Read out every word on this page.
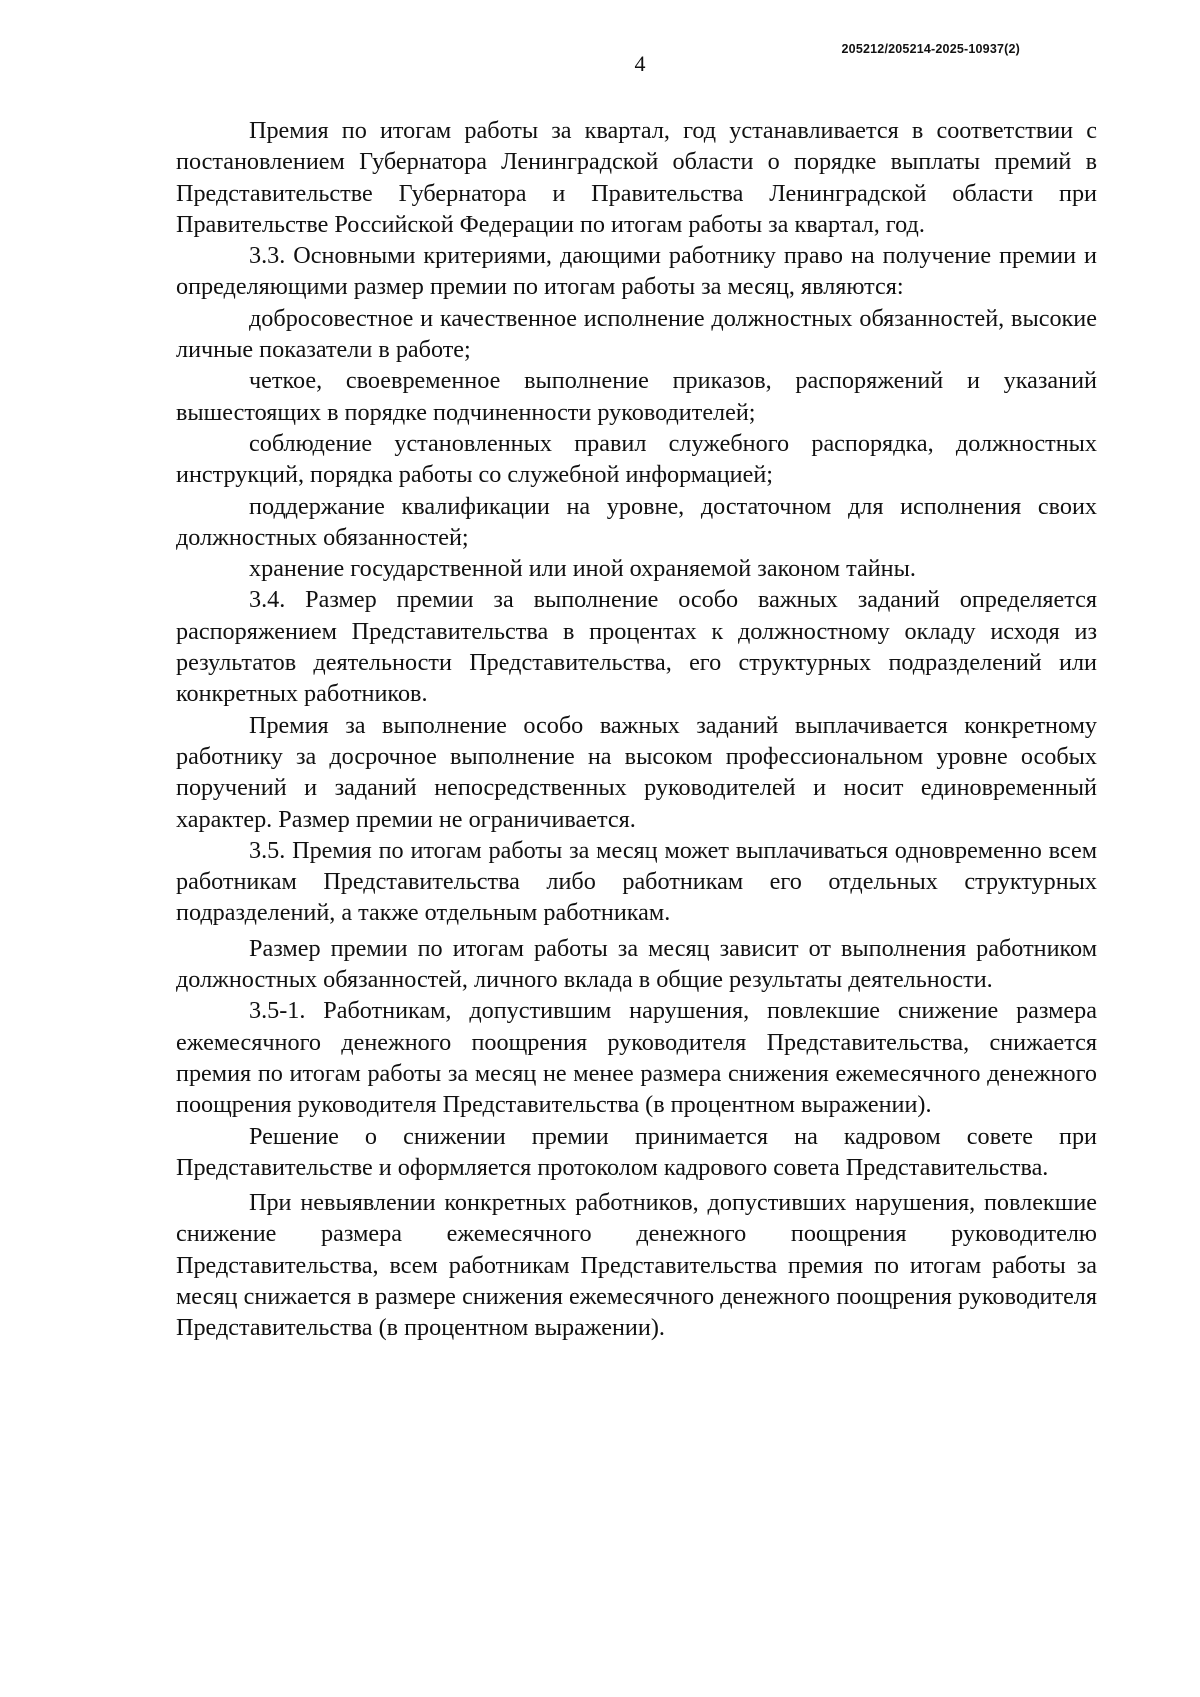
4
205212/205214-2025-10937(2)

Премия по итогам работы за квартал, год устанавливается в соответствии с постановлением Губернатора Ленинградской области о порядке выплаты премий в Представительстве Губернатора и Правительства Ленинградской области при Правительстве Российской Федерации по итогам работы за квартал, год.

3.3. Основными критериями, дающими работнику право на получение премии и определяющими размер премии по итогам работы за месяц, являются:

добросовестное и качественное исполнение должностных обязанностей, высокие личные показатели в работе;

четкое, своевременное выполнение приказов, распоряжений и указаний вышестоящих в порядке подчиненности руководителей;

соблюдение установленных правил служебного распорядка, должностных инструкций, порядка работы со служебной информацией;

поддержание квалификации на уровне, достаточном для исполнения своих должностных обязанностей;

хранение государственной или иной охраняемой законом тайны.

3.4. Размер премии за выполнение особо важных заданий определяется распоряжением Представительства в процентах к должностному окладу исходя из результатов деятельности Представительства, его структурных подразделений или конкретных работников.

Премия за выполнение особо важных заданий выплачивается конкретному работнику за досрочное выполнение на высоком профессиональном уровне особых поручений и заданий непосредственных руководителей и носит единовременный характер. Размер премии не ограничивается.

3.5. Премия по итогам работы за месяц может выплачиваться одновременно всем работникам Представительства либо работникам его отдельных структурных подразделений, а также отдельным работникам.

Размер премии по итогам работы за месяц зависит от выполнения работником должностных обязанностей, личного вклада в общие результаты деятельности.

3.5-1. Работникам, допустившим нарушения, повлекшие снижение размера ежемесячного денежного поощрения руководителя Представительства, снижается премия по итогам работы за месяц не менее размера снижения ежемесячного денежного поощрения руководителя Представительства (в процентном выражении).

Решение о снижении премии принимается на кадровом совете при Представительстве и оформляется протоколом кадрового совета Представительства.

При невыявлении конкретных работников, допустивших нарушения, повлекшие снижение размера ежемесячного денежного поощрения руководителю Представительства, всем работникам Представительства премия по итогам работы за месяц снижается в размере снижения ежемесячного денежного поощрения руководителя Представительства (в процентном выражении).
